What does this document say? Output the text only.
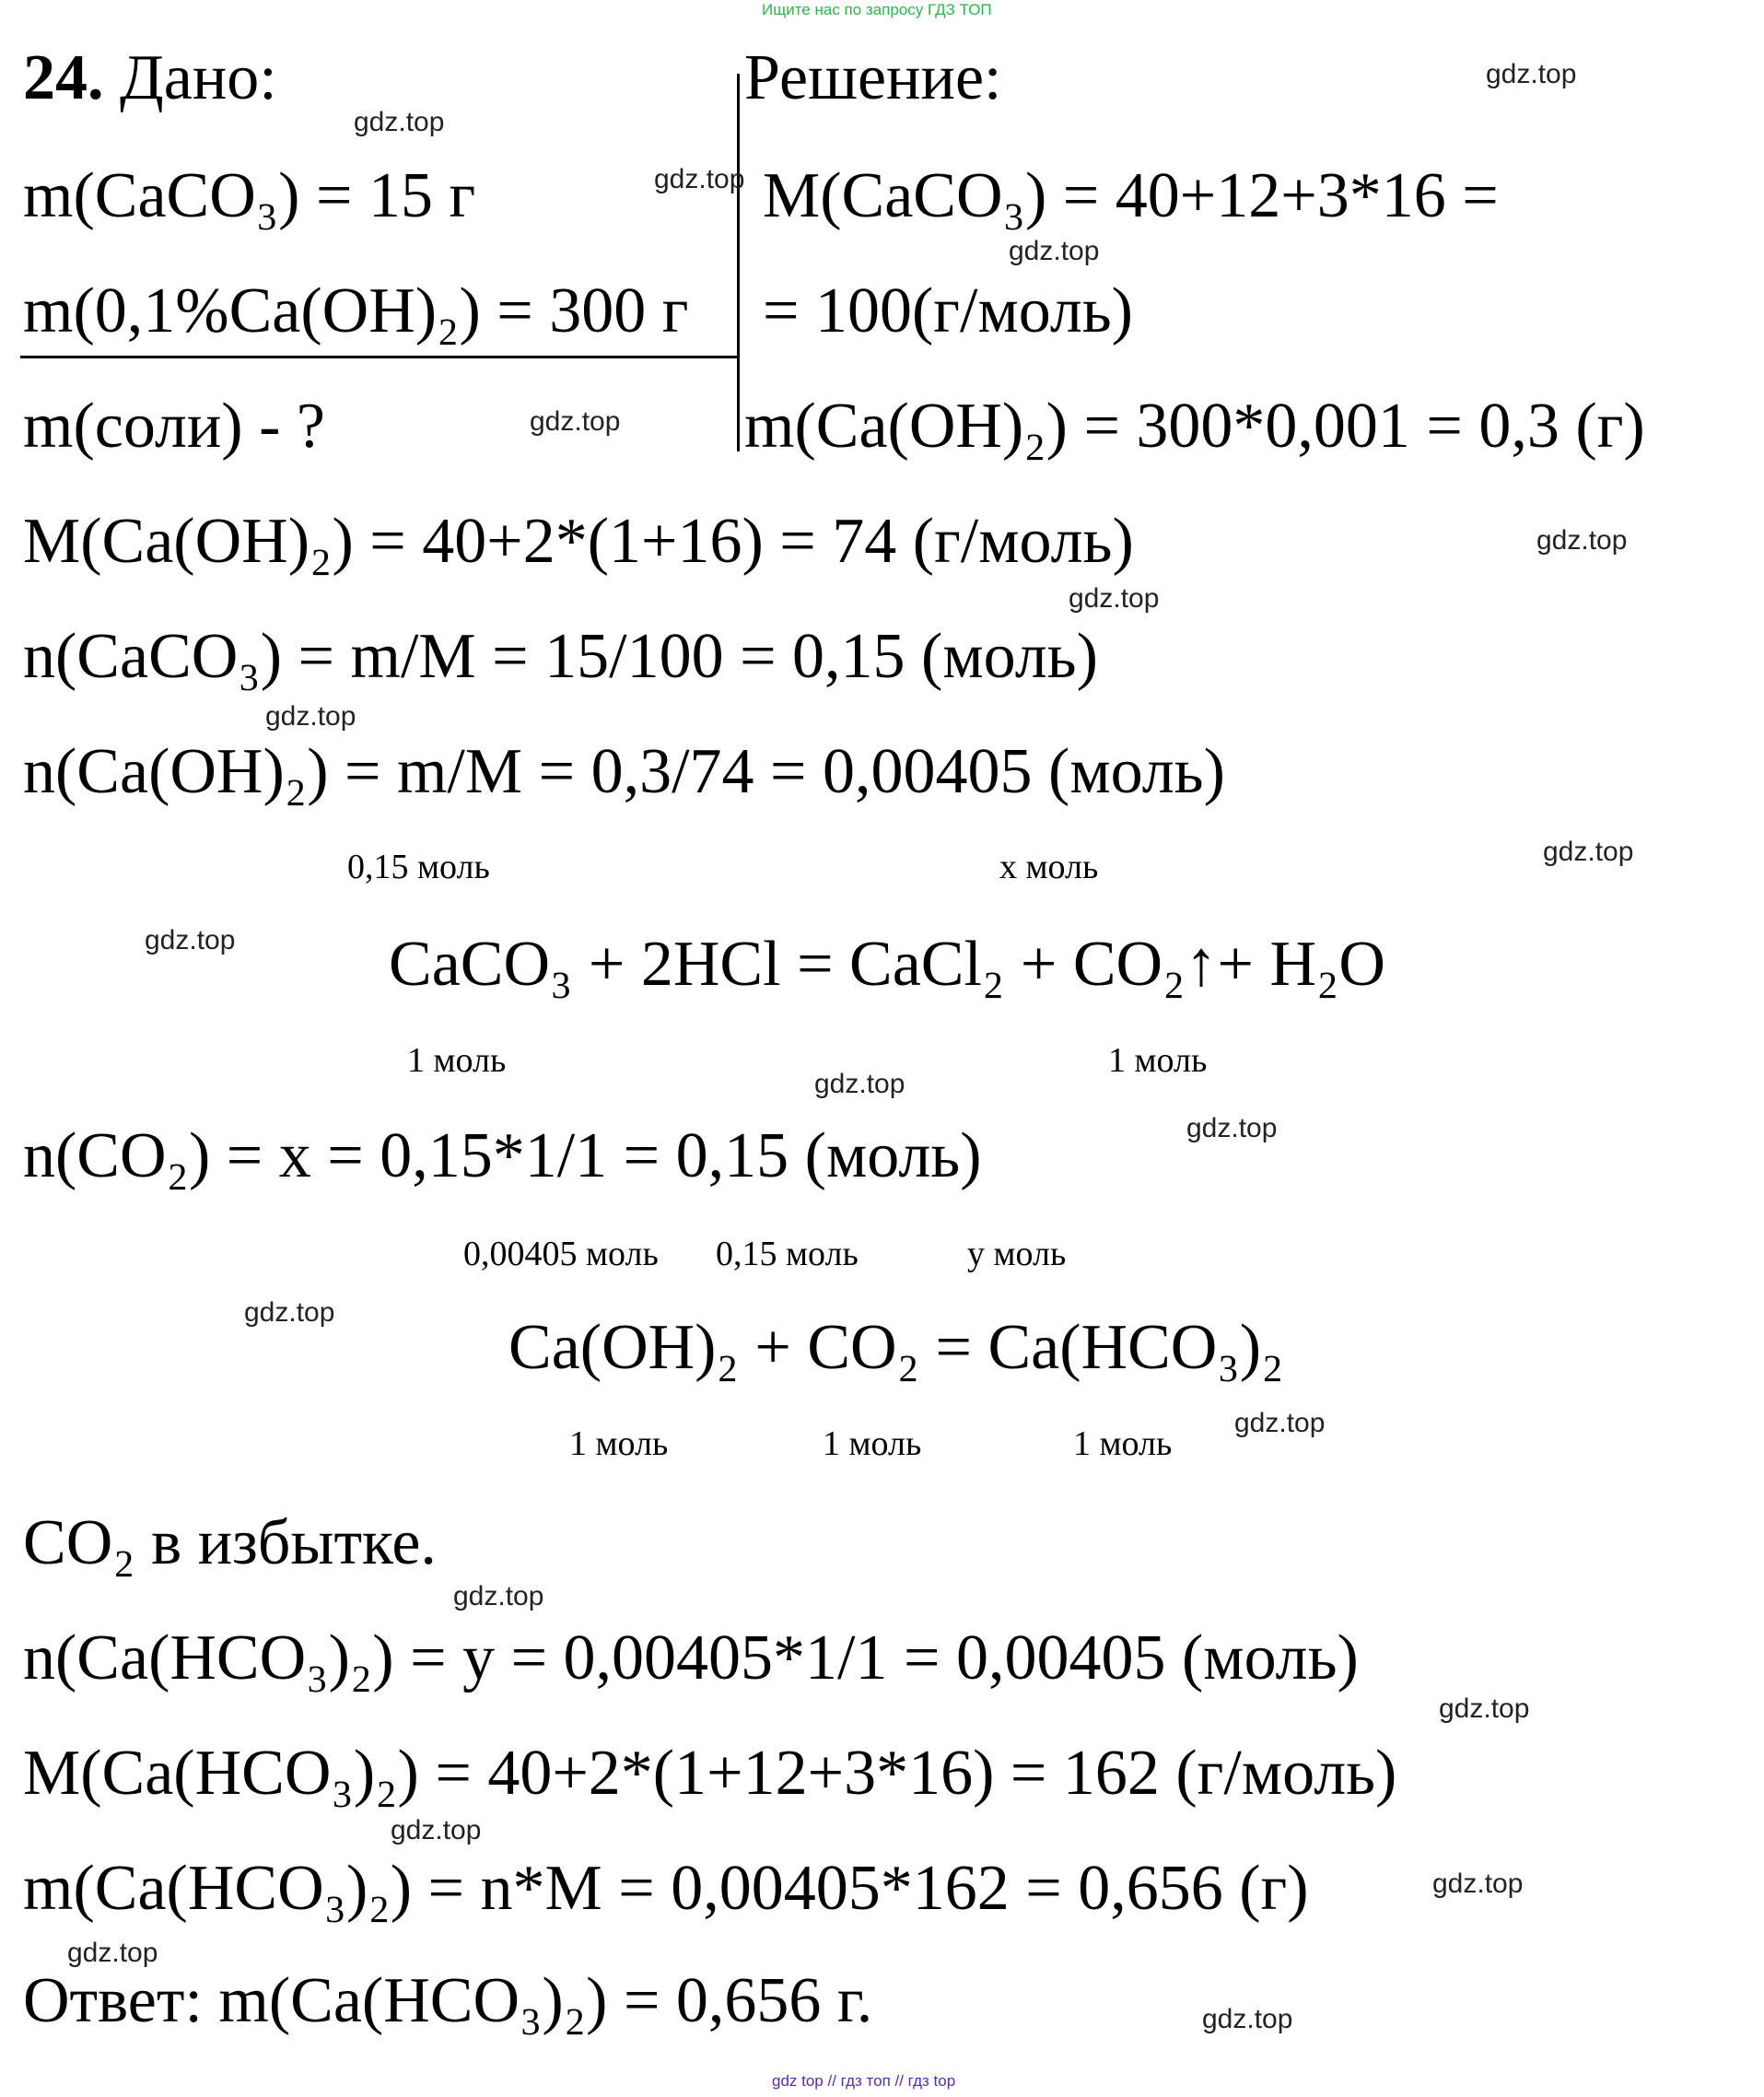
Ищите нас по запросу ГДЗ ТОП
gdz top // гдз топ // гдз top
24. Дано:	Решение:
m(CaCO₃) = 15 г
m(0,1%Ca(OH)₂) = 300 г
m(соли) - ?
M(CaCO₃) = 40+12+3*16 =
= 100(г/моль)
m(Ca(OH)₂) = 300*0,001 = 0,3 (г)
M(Ca(OH)₂) = 40+2*(1+16) = 74 (г/моль)
n(CaCO₃) = m/M = 15/100 = 0,15 (моль)
n(Ca(OH)₂) = m/M = 0,3/74 = 0,00405 (моль)
0,15 моль	x моль
CaCO₃ + 2HCl = CaCl₂ + CO₂↑+ H₂O
1 моль	1 моль
n(CO₂) = x = 0,15*1/1 = 0,15 (моль)
0,00405 моль 0,15 моль	у моль
Ca(OH)₂ + CO₂ = Ca(HCO₃)₂
1 моль	1 моль	1 моль
CO₂ в избытке.
n(Ca(HCO₃)₂) = y = 0,00405*1/1 = 0,00405 (моль)
M(Ca(HCO₃)₂) = 40+2*(1+12+3*16) = 162 (г/моль)
m(Ca(HCO₃)₂) = n*M = 0,00405*162 = 0,656 (г)
Ответ: m(Ca(HCO₃)₂) = 0,656 г.
gdz.top
gdz.top
gdz.top
gdz.top
gdz.top
gdz.top
gdz.top
gdz.top
gdz.top
gdz.top
gdz.top
gdz.top
gdz.top
gdz.top
gdz.top
gdz.top
gdz.top
gdz.top
gdz.top
gdz.top
